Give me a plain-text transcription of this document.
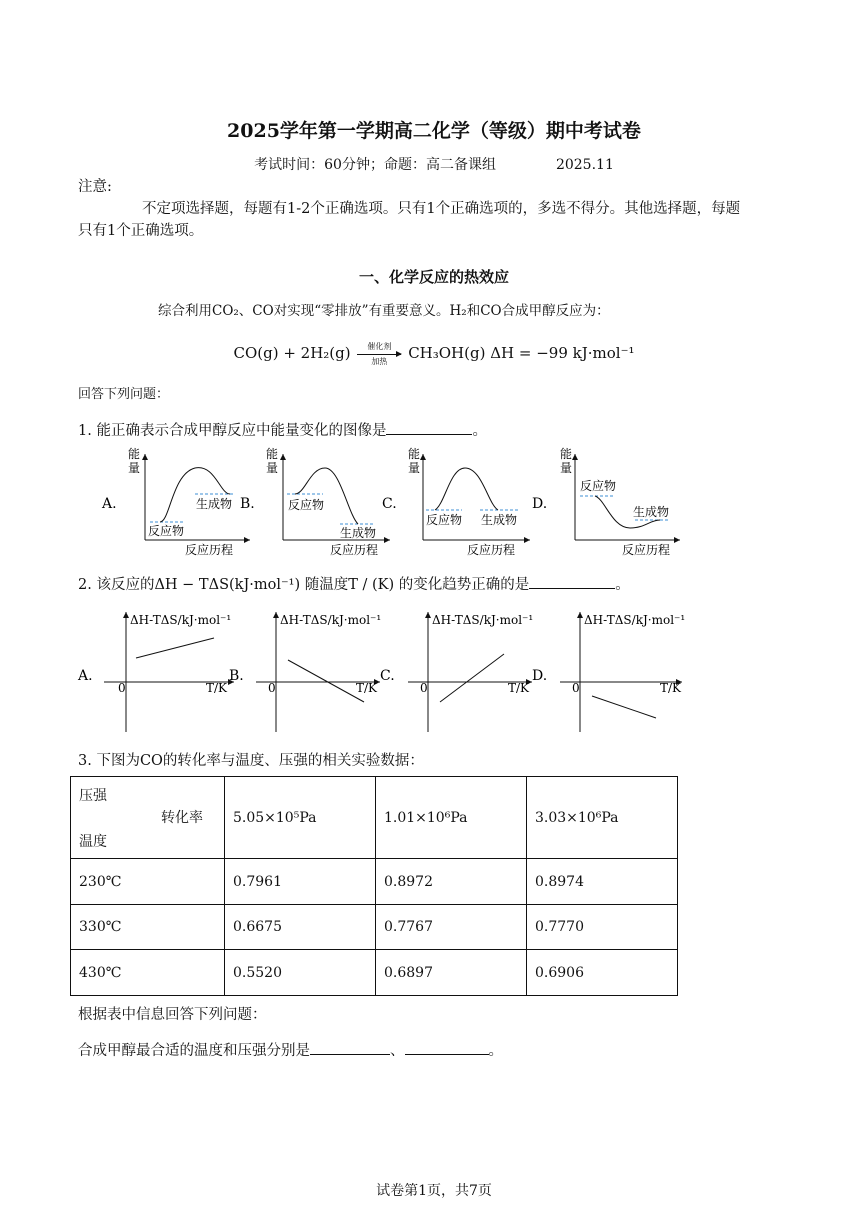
2025学年第一学期高二化学（等级）期中考试卷
考试时间：60分钟；命题：高二备课组	2025.11
注意:
不定项选择题，每题有1-2个正确选项。只有1个正确选项的，多选不得分。其他选择题，每题
只有1个正确选项。
一、化学反应的热效应
综合利用CO₂、CO对实现“零排放”有重要意义。H₂和CO合成甲醇反应为：
CO(g) + 2H₂(g)	催化剂
加热	CH₃OH(g) ΔH = −99 kJ·mol⁻¹
回答下列问题：
1. 能正确表示合成甲醇反应中能量变化的图像是	。
A.
能
量
反应物
生成物
反应历程
B.
能
量
反应物
生成物
反应历程
C.
能
量
反应物 生成物
反应历程
D.
能
量
反应物
生成物
反应历程
2. 该反应的ΔH − TΔS(kJ·mol⁻¹) 随温度T / (K) 的变化趋势正确的是	。
A.
ΔH-TΔS/kJ·mol⁻¹
0	T/K
B.
ΔH-TΔS/kJ·mol⁻¹
0	T/K
C.
ΔH-TΔS/kJ·mol⁻¹
0	T/K
D.
ΔH-TΔS/kJ·mol⁻¹
0	T/K
3. 下图为CO的转化率与温度、压强的相关实验数据：
压强
转化率
温度	5.05×10⁵Pa	1.01×10⁶Pa	3.03×10⁶Pa
230℃	0.7961	0.8972	0.8974
330℃	0.6675	0.7767	0.7770
430℃	0.5520	0.6897	0.6906
根据表中信息回答下列问题：
合成甲醇最合适的温度和压强分别是	、	。
试卷第1页，共7页
